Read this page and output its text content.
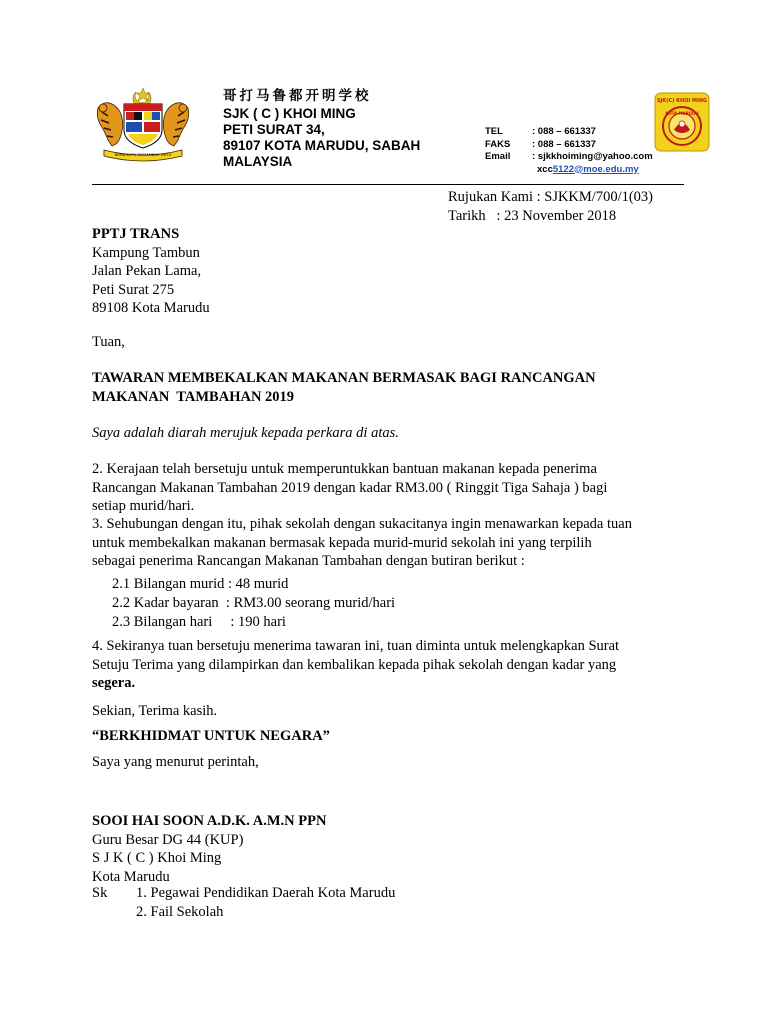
BERSEKUTU BERTAMBAH MUTU
哥打马鲁都开明学校
SJK ( C ) KHOI MING
PETI SURAT 34,
89107 KOTA MARUDU, SABAH
MALAYSIA
TEL	: 088 – 661337
FAKS	: 088 – 661337
Email	: sjkkhoiming@yahoo.com
xcc5122@moe.edu.my
SJK(C) KHOI MING
KOTA MARUDU
Rujukan Kami : SJKKM/700/1(03)
Tarikh   : 23 November 2018
PPTJ TRANS
Kampung Tambun
Jalan Pekan Lama,
Peti Surat 275
89108 Kota Marudu
Tuan,
TAWARAN MEMBEKALKAN MAKANAN BERMASAK BAGI RANCANGAN
MAKANAN  TAMBAHAN 2019
Saya adalah diarah merujuk kepada perkara di atas.
2. Kerajaan telah bersetuju untuk memperuntukkan bantuan makanan kepada penerima
Rancangan Makanan Tambahan 2019 dengan kadar RM3.00 ( Ringgit Tiga Sahaja ) bagi
setiap murid/hari.
3. Sehubungan dengan itu, pihak sekolah dengan sukacitanya ingin menawarkan kepada tuan
untuk membekalkan makanan bermasak kepada murid-murid sekolah ini yang terpilih
sebagai penerima Rancangan Makanan Tambahan dengan butiran berikut :
2.1 Bilangan murid : 48 murid
2.2 Kadar bayaran  : RM3.00 seorang murid/hari
2.3 Bilangan hari     : 190 hari
4. Sekiranya tuan bersetuju menerima tawaran ini, tuan diminta untuk melengkapkan Surat
Setuju Terima yang dilampirkan dan kembalikan kepada pihak sekolah dengan kadar yang
segera.
Sekian, Terima kasih.
“BERKHIDMAT UNTUK NEGARA”
Saya yang menurut perintah,
SOOI HAI SOON A.D.K. A.M.N PPN
Guru Besar DG 44 (KUP)
S J K ( C ) Khoi Ming
Kota Marudu
Sk	1. Pegawai Pendidikan Daerah Kota Marudu
2. Fail Sekolah
